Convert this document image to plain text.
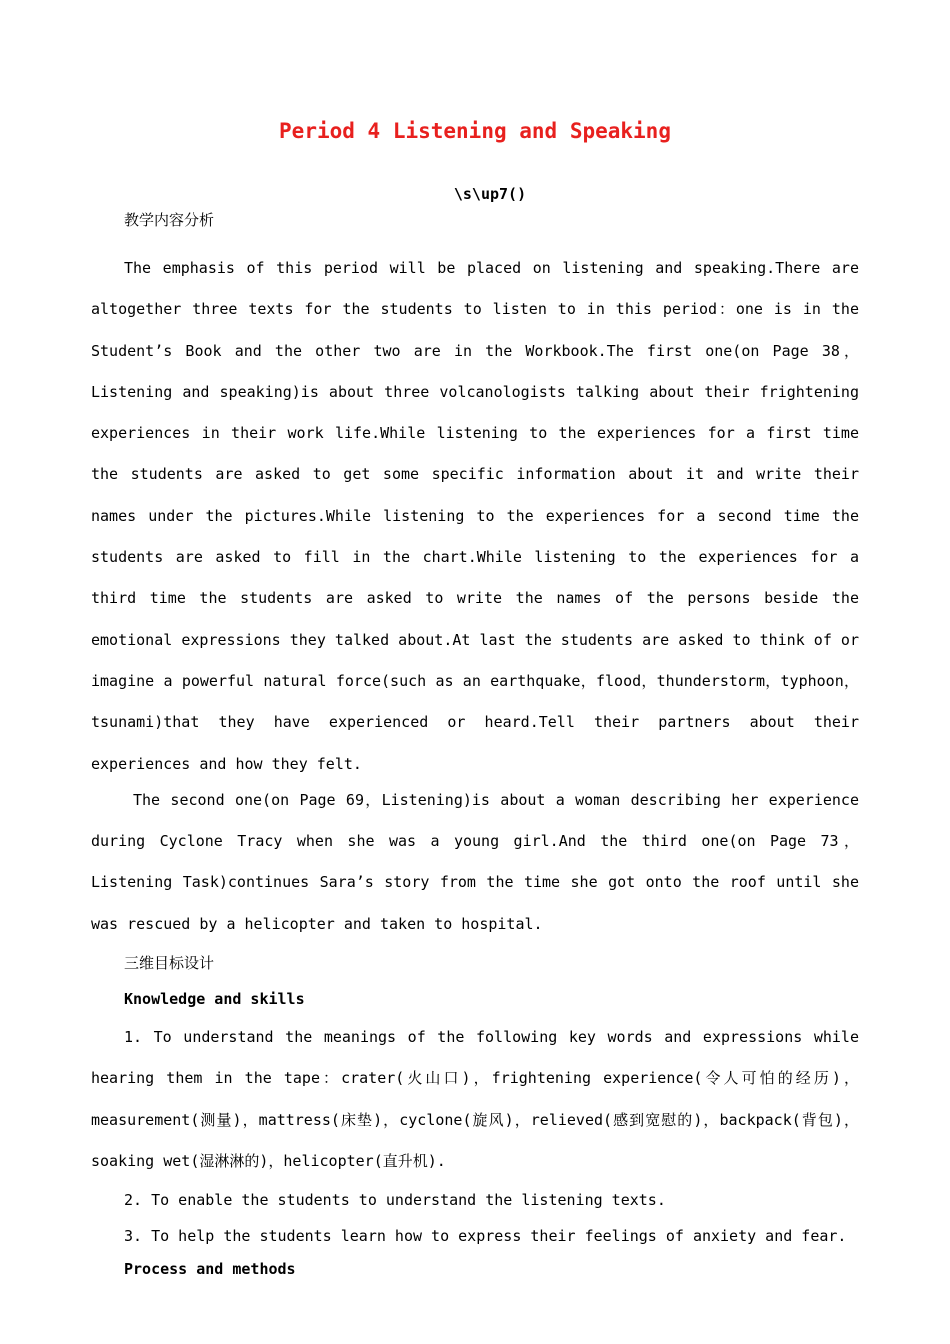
Period 4 Listening and Speaking
\s\up7()

教学内容分析

The emphasis of this period will be placed on listening and speaking.There are altogether three texts for the students to listen to in this period：one is in the Student’s Book and the other two are in the Workbook.The first one(on Page 38，Listening and speaking)is about three volcanologists talking about their frightening experiences in their work life.While listening to the experiences for a first time the students are asked to get some specific information about it and write their names under the pictures.While listening to the experiences for a second time the students are asked to fill in the chart.While listening to the experiences for a third time the students are asked to write the names of the persons beside the emotional expressions they talked about.At last the students are asked to think of or imagine a powerful natural force(such as an earthquake，flood，thunderstorm，typhoon，tsunami)that they have experienced or heard.Tell their partners about their experiences and how they felt.

The second one(on Page 69，Listening)is about a woman describing her experience during Cyclone Tracy when she was a young girl.And the third one(on Page 73，Listening Task)continues Sara’s story from the time she got onto the roof until she was rescued by a helicopter and taken to hospital.

三维目标设计

Knowledge and skills

1. To understand the meanings of the following key words and expressions while hearing them in the tape：crater(火山口)，frightening experience(令人可怕的经历)，measurement(测量)，mattress(床垫)，cyclone(旋风)，relieved(感到宽慰的)，backpack(背包)，soaking wet(湿淋淋的)，helicopter(直升机).

2. To enable the students to understand the listening texts.

3. To help the students learn how to express their feelings of anxiety and fear.

Process and methods
